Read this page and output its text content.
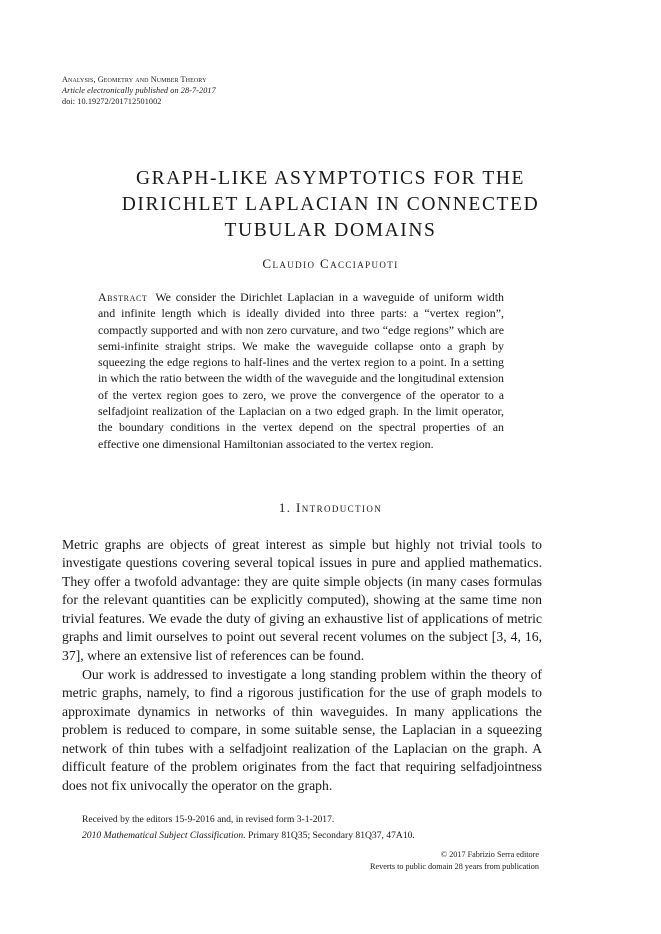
Analysis, Geometry and Number Theory
Article electronically published on 28-7-2017
doi: 10.19272/201712501002
GRAPH-LIKE ASYMPTOTICS FOR THE
DIRICHLET LAPLACIAN IN CONNECTED
TUBULAR DOMAINS
Claudio Cacciapuoti
Abstract We consider the Dirichlet Laplacian in a waveguide of uniform width and infinite length which is ideally divided into three parts: a “vertex region”, compactly supported and with non zero curvature, and two “edge regions” which are semi-infinite straight strips. We make the waveguide collapse onto a graph by squeezing the edge regions to half-lines and the vertex region to a point. In a setting in which the ratio between the width of the waveguide and the longitudinal extension of the vertex region goes to zero, we prove the convergence of the operator to a selfadjoint realization of the Laplacian on a two edged graph. In the limit operator, the boundary conditions in the vertex depend on the spectral properties of an effective one dimensional Hamiltonian associated to the vertex region.
1. Introduction
Metric graphs are objects of great interest as simple but highly not trivial tools to investigate questions covering several topical issues in pure and applied mathematics. They offer a twofold advantage: they are quite simple objects (in many cases formulas for the relevant quantities can be explicitly computed), showing at the same time non trivial features. We evade the duty of giving an exhaustive list of applications of metric graphs and limit ourselves to point out several recent volumes on the subject [3, 4, 16, 37], where an extensive list of references can be found.
Our work is addressed to investigate a long standing problem within the theory of metric graphs, namely, to find a rigorous justification for the use of graph models to approximate dynamics in networks of thin waveguides. In many applications the problem is reduced to compare, in some suitable sense, the Laplacian in a squeezing network of thin tubes with a selfadjoint realization of the Laplacian on the graph. A difficult feature of the problem originates from the fact that requiring selfadjointness does not fix univocally the operator on the graph.
Received by the editors 15-9-2016 and, in revised form 3-1-2017.
2010 Mathematical Subject Classification. Primary 81Q35; Secondary 81Q37, 47A10.
© 2017 Fabrizio Serra editore
Reverts to public domain 28 years from publication
